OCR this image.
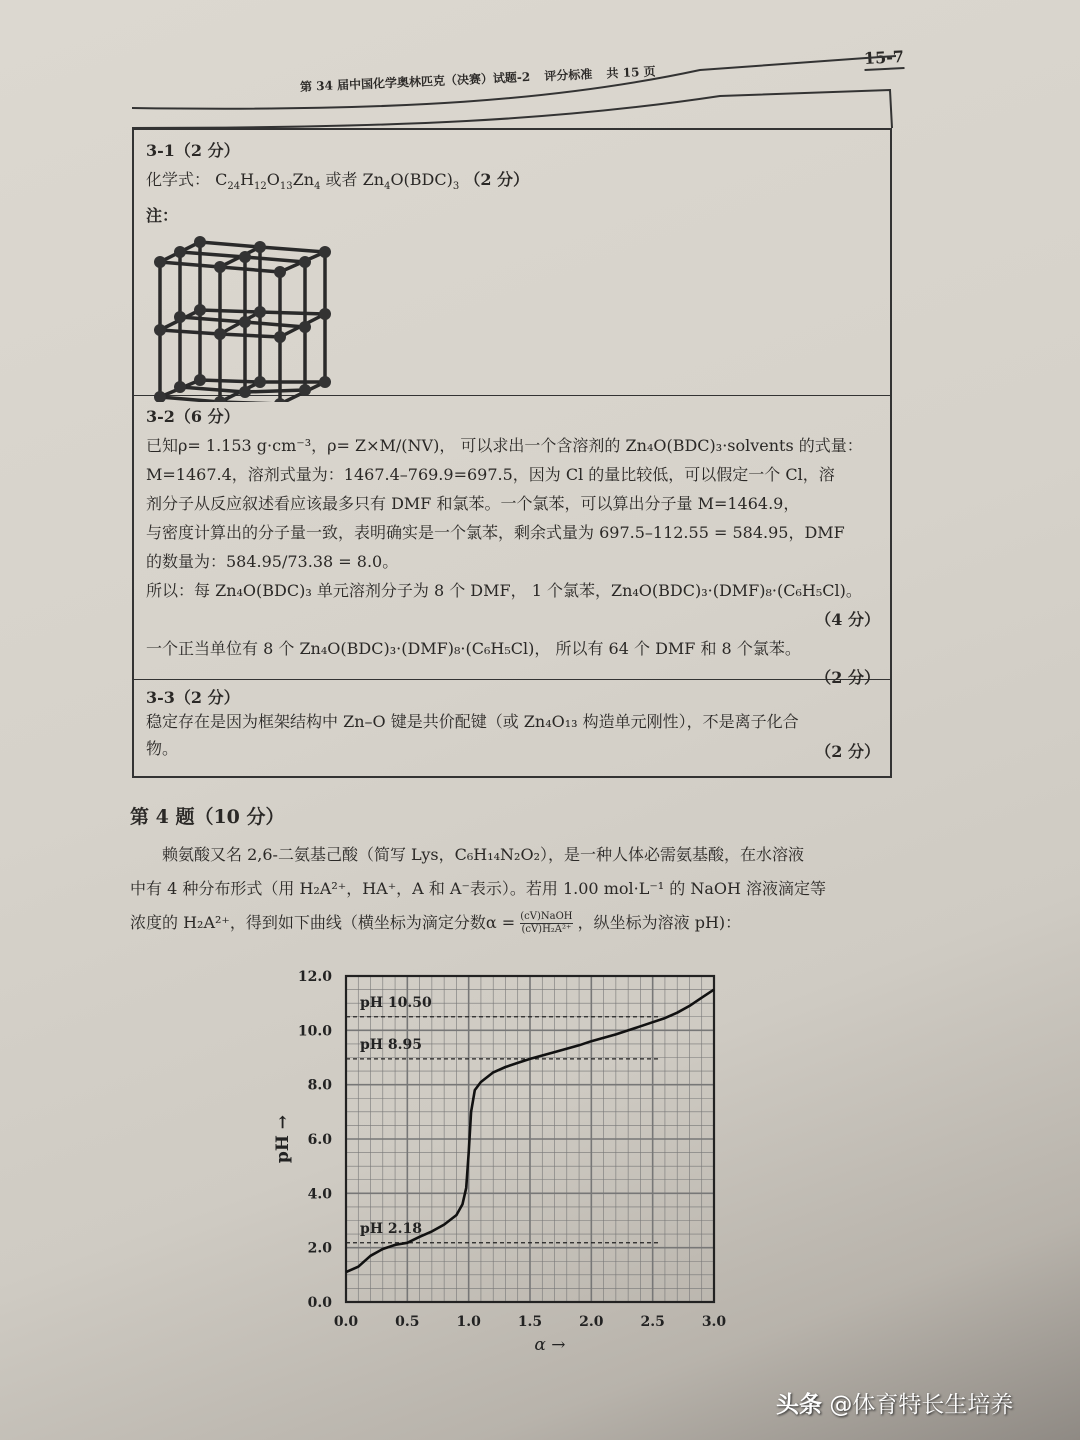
15-7
第 34 届中国化学奥林匹克（决赛）试题-2 评分标准 共 15 页
3-1（2 分）
化学式： $C_{24}H_{12}O_{13}Zn_4$ 或者 $Zn_4O(BDC)_3$ （2 分）
注：
3-2（6 分）
已知ρ= 1.153 g·cm⁻³，ρ= Z×M/(NV)， 可以求出一个含溶剂的 Zn₄O(BDC)₃·solvents 的式量：
M=1467.4，溶剂式量为：1467.4–769.9=697.5，因为 Cl 的量比较低，可以假定一个 Cl，溶
剂分子从反应叙述看应该最多只有 DMF 和氯苯。一个氯苯，可以算出分子量 M=1464.9，
与密度计算出的分子量一致，表明确实是一个氯苯，剩余式量为 697.5–112.55 = 584.95，DMF
的数量为：584.95/73.38 = 8.0。
所以：每 Zn₄O(BDC)₃ 单元溶剂分子为 8 个 DMF， 1 个氯苯，Zn₄O(BDC)₃·(DMF)₈·(C₆H₅Cl)。
（4 分）
一个正当单位有 8 个 Zn₄O(BDC)₃·(DMF)₈·(C₆H₅Cl)， 所以有 64 个 DMF 和 8 个氯苯。
（2 分）
3-3（2 分）
稳定存在是因为框架结构中 Zn–O 键是共价配键（或 Zn₄O₁₃ 构造单元刚性），不是离子化合
物。	（2 分）
第 4 题（10 分）

赖氨酸又名 2,6-二氨基己酸（简写 Lys，C₆H₁₄N₂O₂），是一种人体必需氨基酸，在水溶液

中有 4 种分布形式（用 H₂A²⁺，HA⁺，A 和 A⁻表示）。若用 1.00 mol·L⁻¹ 的 NaOH 溶液滴定等
浓度的 H₂A²⁺，得到如下曲线（横坐标为滴定分数$\alpha = \frac{\text{(cV)NaOH}}{\text{(cV)H₂A²⁺}}$ ，纵坐标为溶液 pH)：
0.0
2.0
4.0
6.0
8.0
10.0
12.0
0.0	0.5	1.0	1.5	2.0	2.5	3.0
pH →
α →
pH 10.50
pH 8.95
pH 2.18
头条 @体育特长生培养
